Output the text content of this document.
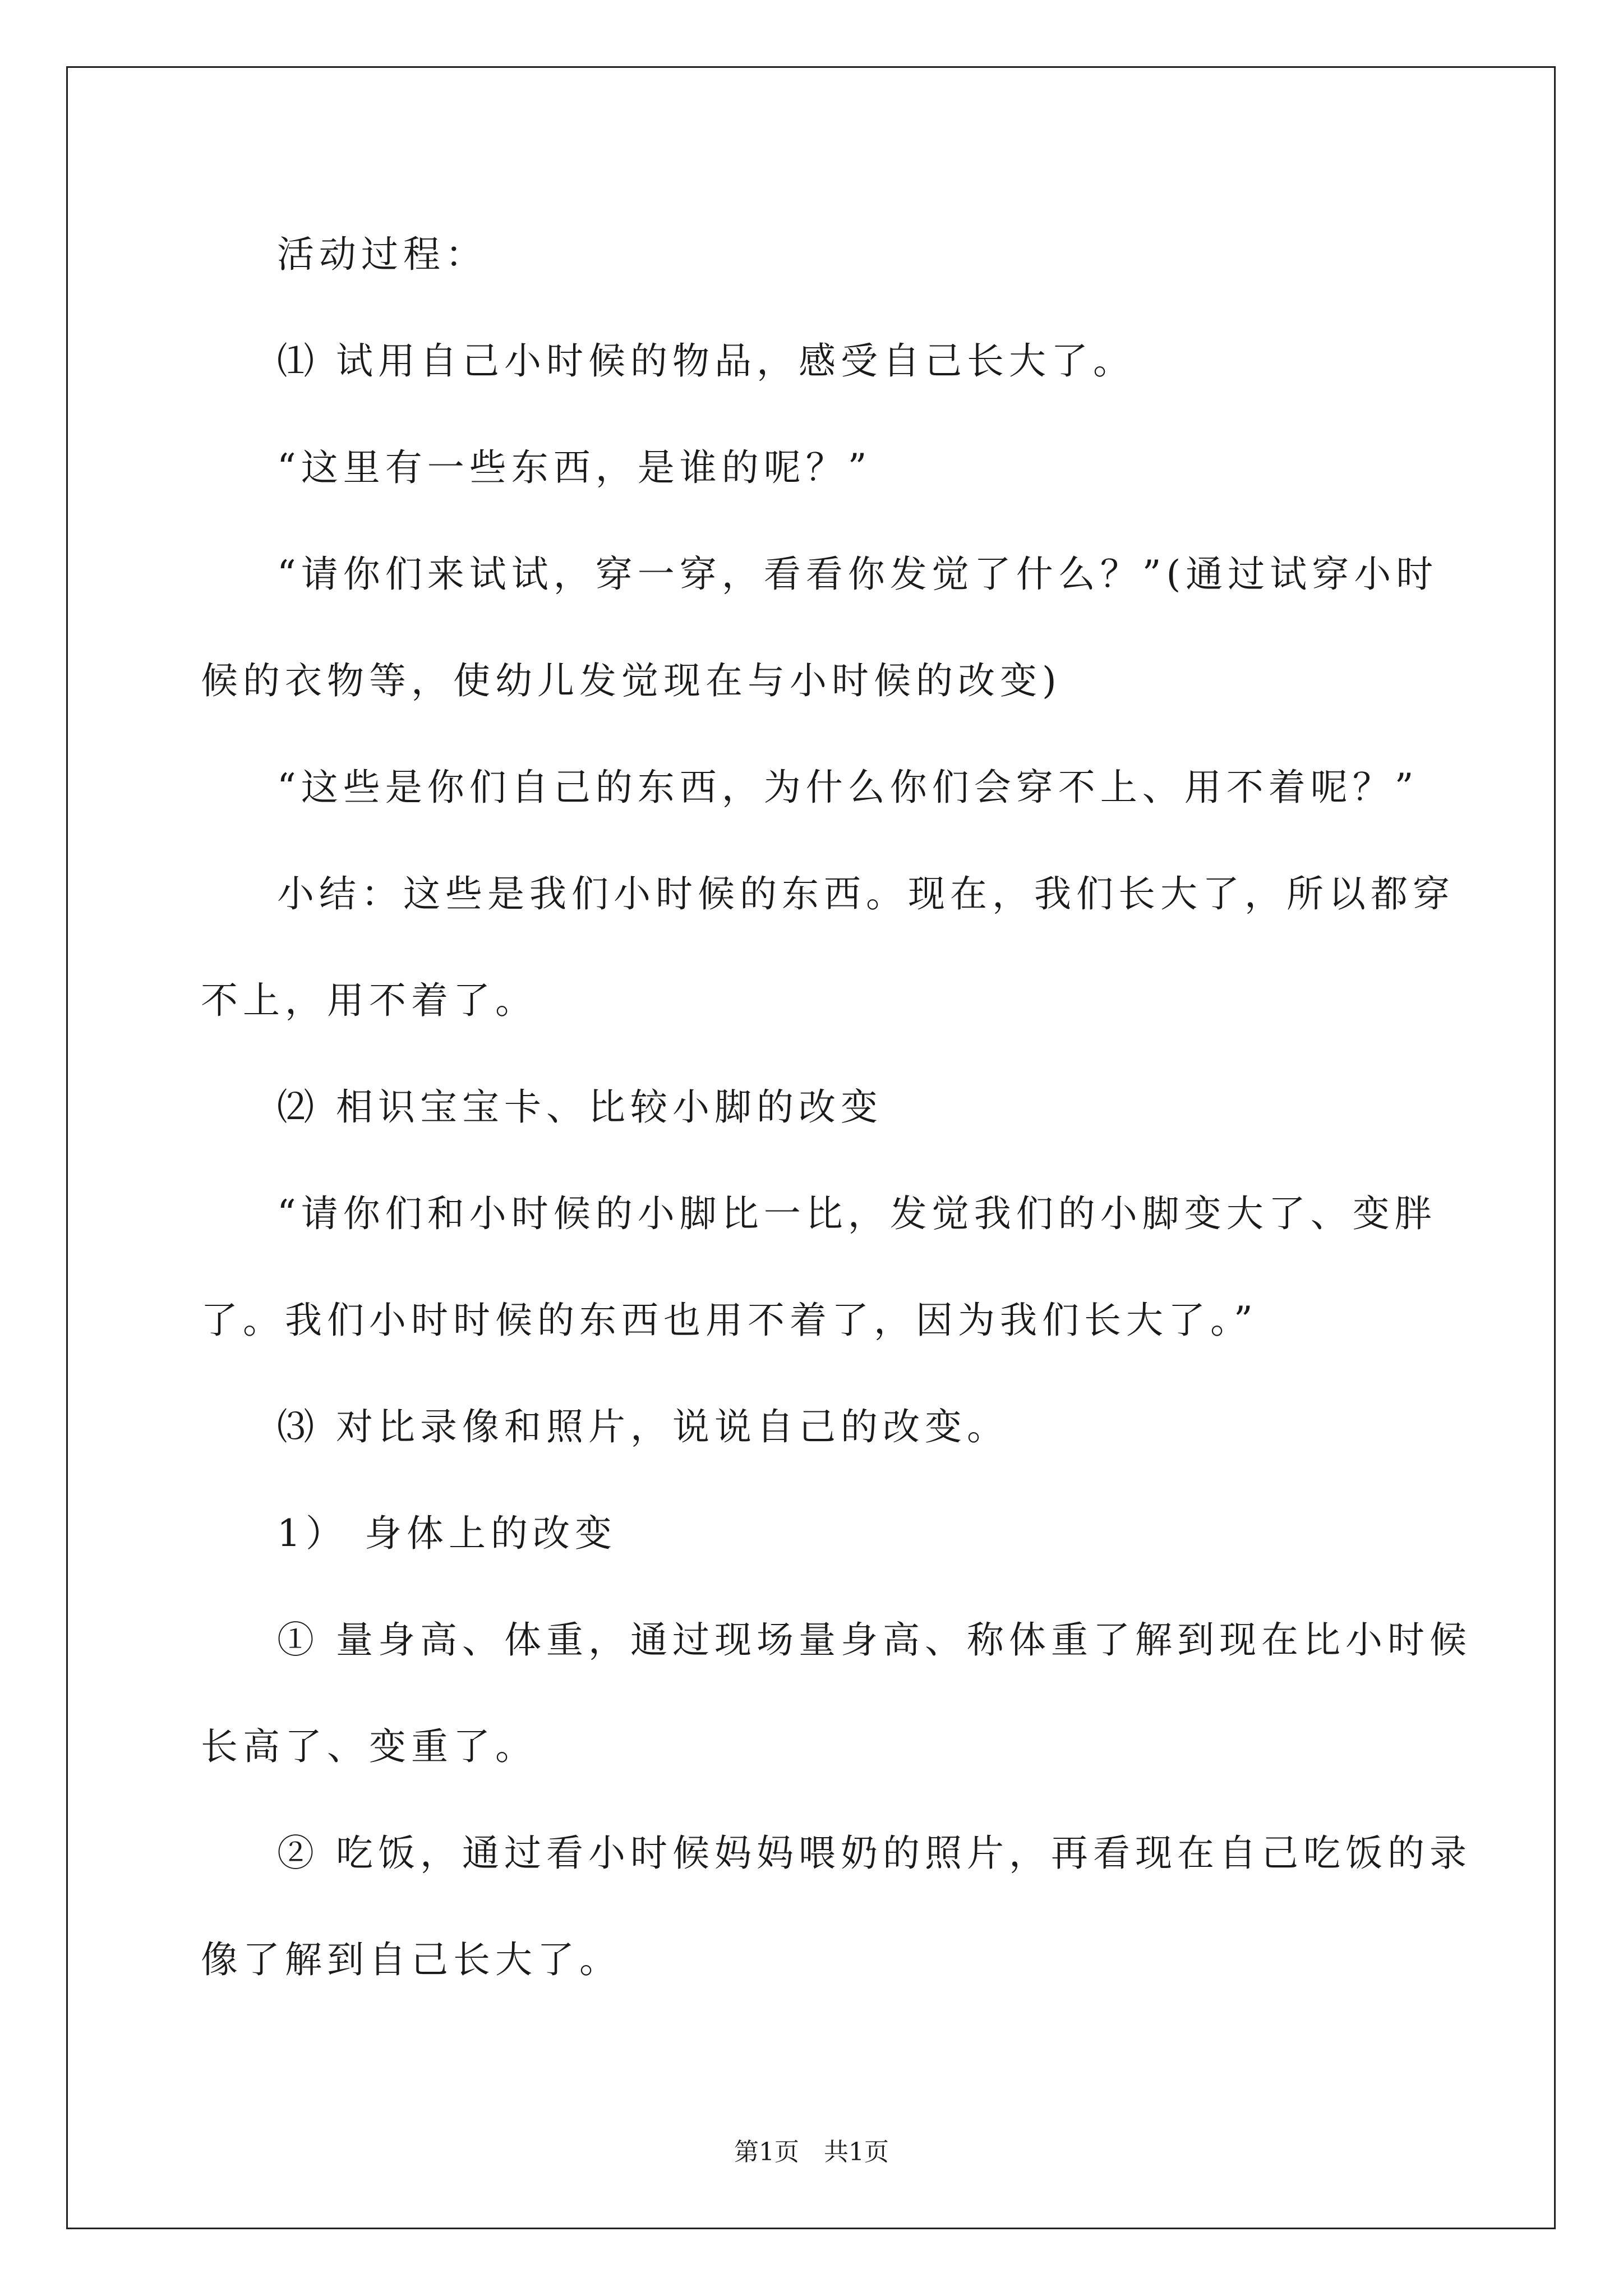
活动过程：

⑴ 试用自己小时候的物品，感受自己长大了。

“这里有一些东西，是谁的呢？”

“请你们来试试，穿一穿，看看你发觉了什么？”(通过试穿小时

候的衣物等，使幼儿发觉现在与小时候的改变)

“这些是你们自己的东西，为什么你们会穿不上、用不着呢？”

小结：这些是我们小时候的东西。现在，我们长大了，所以都穿

不上，用不着了。

⑵ 相识宝宝卡、比较小脚的改变

“请你们和小时候的小脚比一比，发觉我们的小脚变大了、变胖

了。我们小时时候的东西也用不着了，因为我们长大了。”

⑶ 对比录像和照片，说说自己的改变。

1） 身体上的改变

① 量身高、体重，通过现场量身高、称体重了解到现在比小时候

长高了、变重了。

② 吃饭，通过看小时候妈妈喂奶的照片，再看现在自己吃饭的录

像了解到自己长大了。

第1页　共1页
